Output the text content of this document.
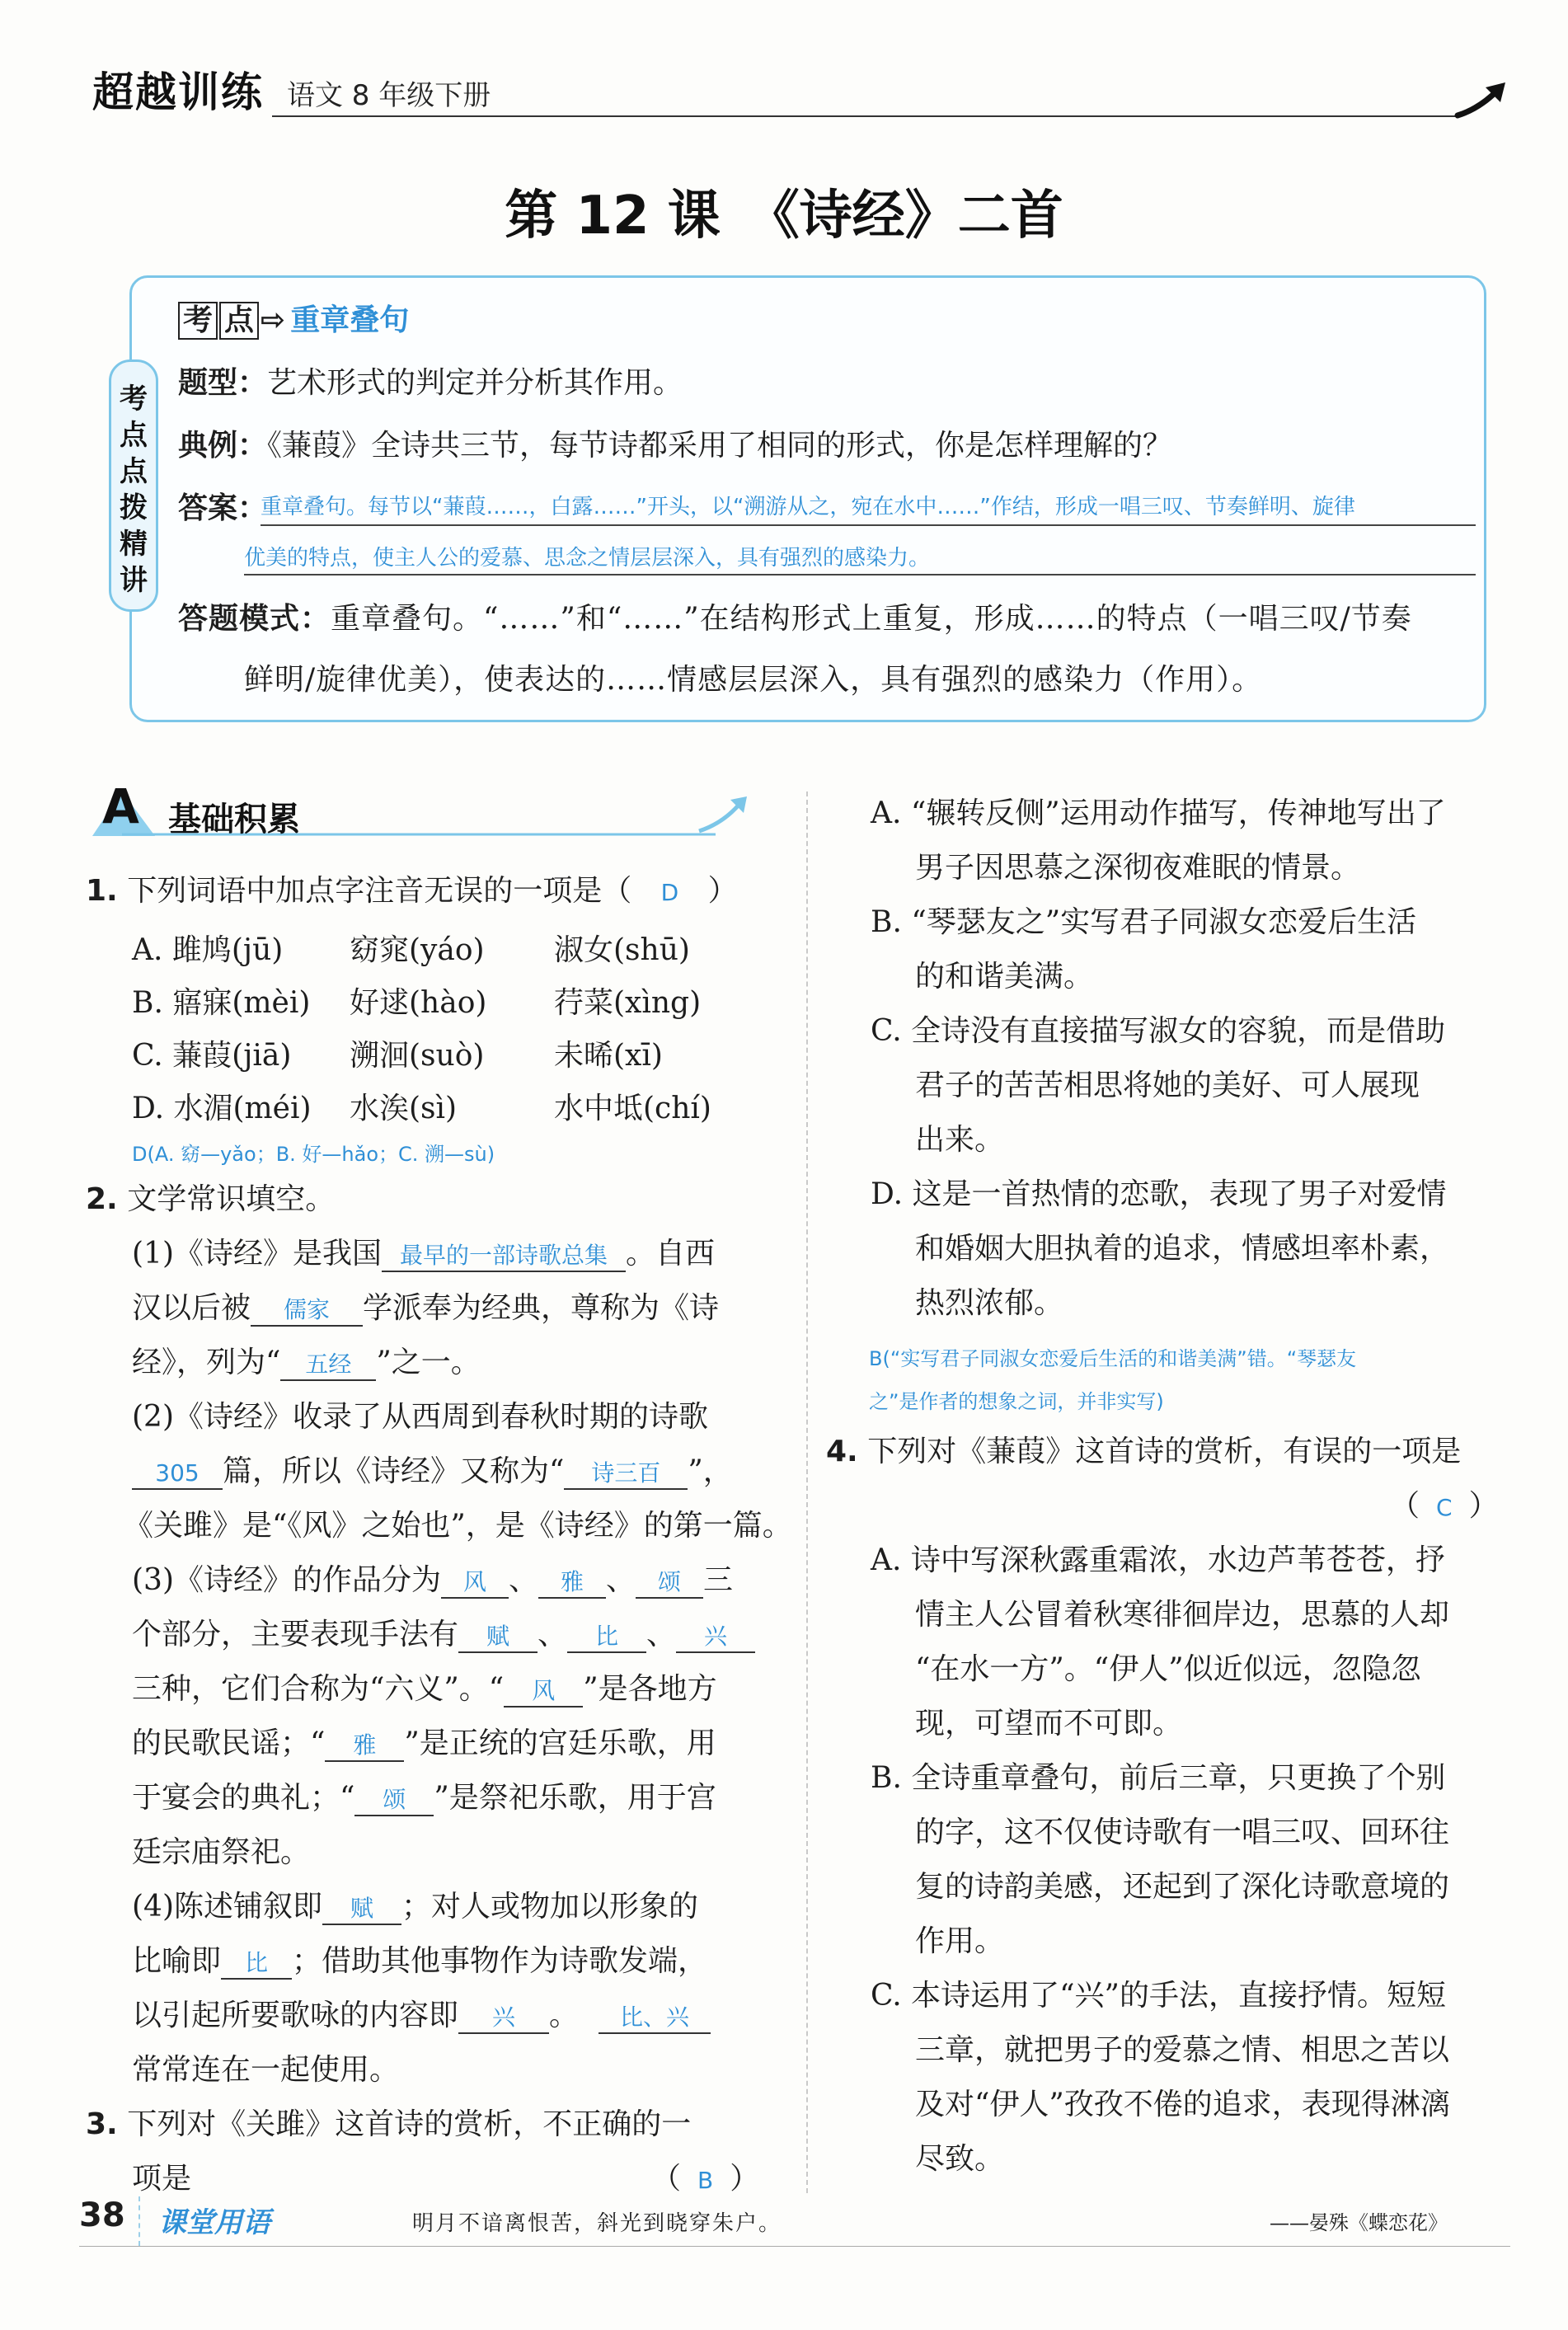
超越训练 语文 8 年级下册
第 12 课　《诗经》二首
考
点
点
拨
精
讲
考 点 ⇨ 重章叠句
题型：艺术形式的判定并分析其作用。
典例：《蒹葭》全诗共三节，每节诗都采用了相同的形式，你是怎样理解的？
答案：
重章叠句。每节以“蒹葭……，白露……”开头，以“溯游从之，宛在水中……”作结，形成一唱三叹、节奏鲜明、旋律
优美的特点，使主人公的爱慕、思念之情层层深入，具有强烈的感染力。
答题模式：重章叠句。“……”和“……”在结构形式上重复，形成……的特点（一唱三叹/节奏
鲜明/旋律优美），使表达的……情感层层深入，具有强烈的感染力（作用）。
A 基础积累
1. 下列词语中加点字注音无误的一项是（ D ）
A. 雎鸠(jū) 窈窕(yáo) 淑女(shū)
B. 寤寐(mèi) 好逑(hào) 荇菜(xìng)
C. 蒹葭(jiā) 溯洄(suò) 未晞(xī)
D. 水湄(méi) 水涘(sì)	水中坻(chí)
D(A. 窈—yǎo；B. 好—hǎo；C. 溯—sù)
2. 文学常识填空。
(1)《诗经》是我国 最早的一部诗歌总集 。自西
汉以后被 儒家 学派奉为经典，尊称为《诗
经》，列为“ 五经 ”之一。
(2)《诗经》收录了从西周到春秋时期的诗歌
305 篇，所以《诗经》又称为“ 诗三百 ”，
《关雎》是“《风》之始也”，是《诗经》的第一篇。
(3)《诗经》的作品分为 风 、 雅 、 颂 三
个部分，主要表现手法有 赋 、 比 、 兴
三种，它们合称为“六义”。“ 风 ”是各地方
的民歌民谣；“ 雅 ”是正统的宫廷乐歌，用
于宴会的典礼；“ 颂 ”是祭祀乐歌，用于宫
廷宗庙祭祀。
(4)陈述铺叙即 赋 ；对人或物加以形象的
比喻即 比 ；借助其他事物作为诗歌发端，
以引起所要歌咏的内容即 兴 。 比、兴
常常连在一起使用。
3. 下列对《关雎》这首诗的赏析，不正确的一
项是	（ B ）
A. “辗转反侧”运用动作描写，传神地写出了
男子因思慕之深彻夜难眠的情景。
B. “琴瑟友之”实写君子同淑女恋爱后生活
的和谐美满。
C. 全诗没有直接描写淑女的容貌，而是借助
君子的苦苦相思将她的美好、可人展现
出来。
D. 这是一首热情的恋歌，表现了男子对爱情
和婚姻大胆执着的追求，情感坦率朴素，
热烈浓郁。
B(“实写君子同淑女恋爱后生活的和谐美满”错。“琴瑟友
之”是作者的想象之词，并非实写)
4. 下列对《蒹葭》这首诗的赏析，有误的一项是
（ C ）
A. 诗中写深秋露重霜浓，水边芦苇苍苍，抒
情主人公冒着秋寒徘徊岸边，思慕的人却
“在水一方”。“伊人”似近似远，忽隐忽
现，可望而不可即。
B. 全诗重章叠句，前后三章，只更换了个别
的字，这不仅使诗歌有一唱三叹、回环往
复的诗韵美感，还起到了深化诗歌意境的
作用。
C. 本诗运用了“兴”的手法，直接抒情。短短
三章，就把男子的爱慕之情、相思之苦以
及对“伊人”孜孜不倦的追求，表现得淋漓
尽致。
38 课堂用语	明月不谙离恨苦，斜光到晓穿朱户。	——晏殊《蝶恋花》
